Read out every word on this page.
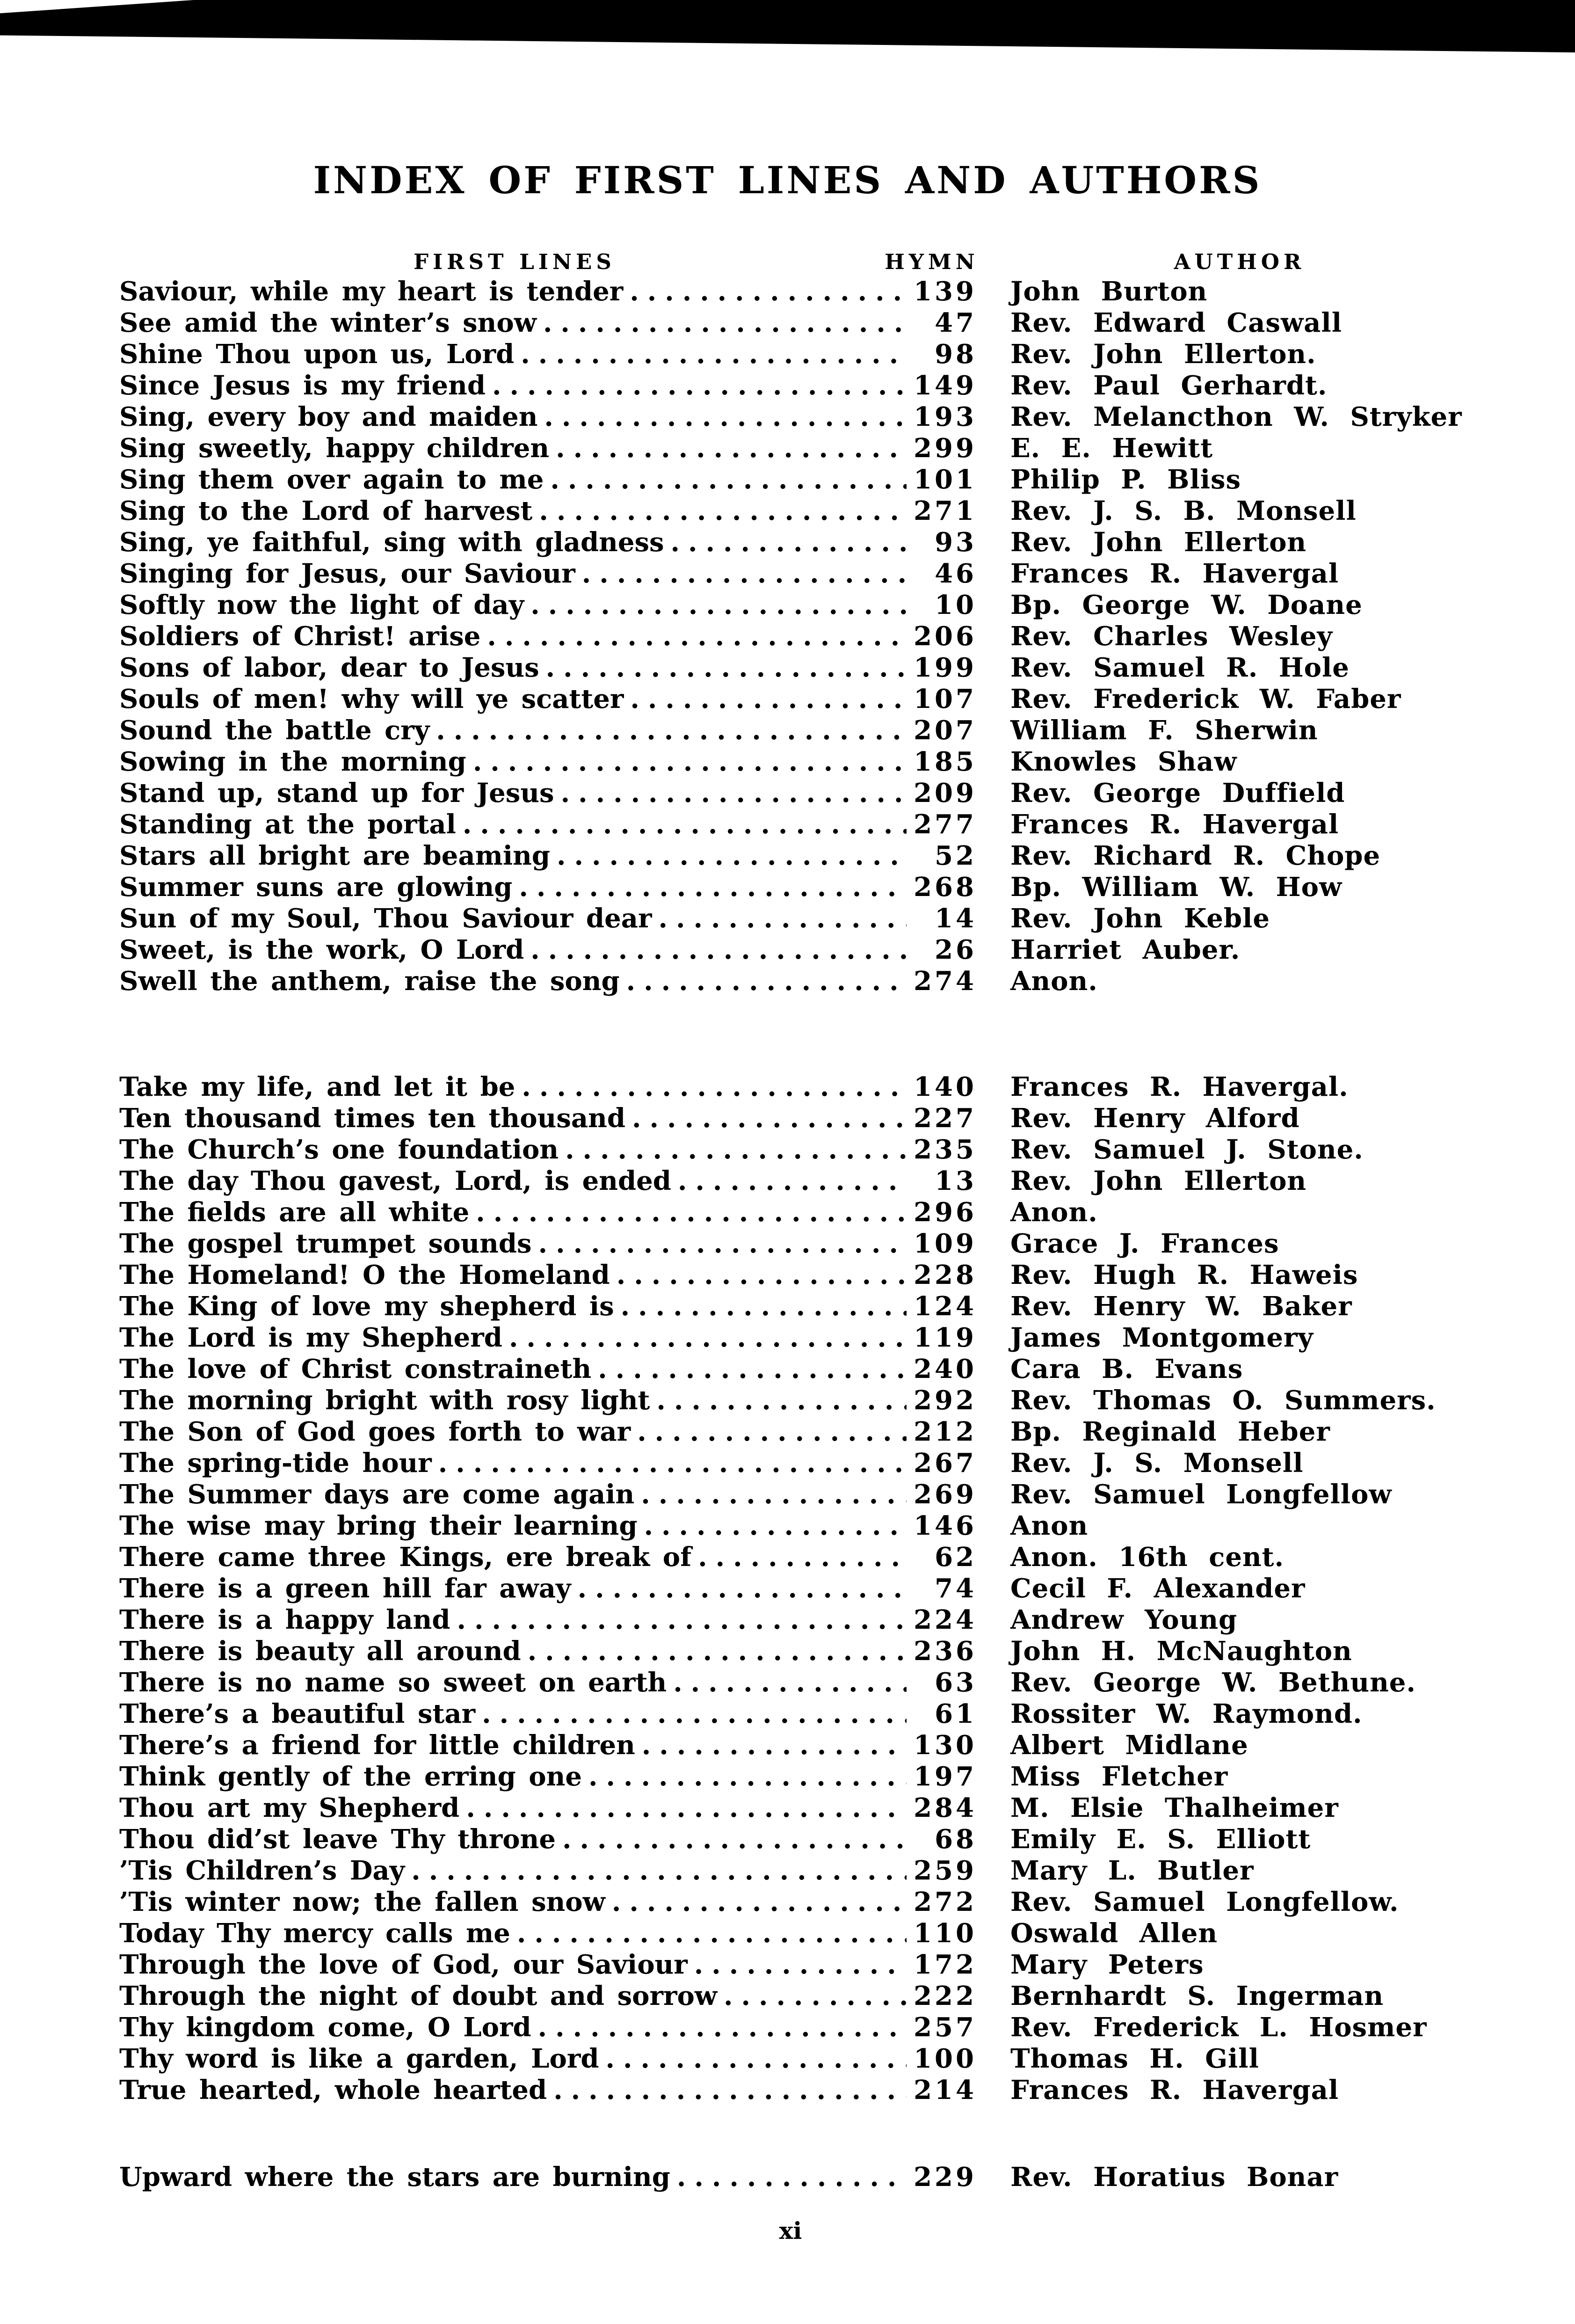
INDEX OF FIRST LINES AND AUTHORS
FIRST LINES	HYMN	AUTHOR
Saviour, while my heart is tender .....	139	John Burton
See amid the winter’s snow .....	47	Rev. Edward Caswall
Shine Thou upon us, Lord .....	98	Rev. John Ellerton.
Since Jesus is my friend .....	149	Rev. Paul Gerhardt.
Sing, every boy and maiden .....	193	Rev. Melancthon W. Stryker
Sing sweetly, happy children .....	299	E. E. Hewitt
Sing them over again to me .....	101	Philip P. Bliss
Sing to the Lord of harvest .....	271	Rev. J. S. B. Monsell
Sing, ye faithful, sing with gladness .....	93	Rev. John Ellerton
Singing for Jesus, our Saviour .....	46	Frances R. Havergal
Softly now the light of day .....	10	Bp. George W. Doane
Soldiers of Christ! arise .....	206	Rev. Charles Wesley
Sons of labor, dear to Jesus .....	199	Rev. Samuel R. Hole
Souls of men! why will ye scatter .....	107	Rev. Frederick W. Faber
Sound the battle cry .....	207	William F. Sherwin
Sowing in the morning .....	185	Knowles Shaw
Stand up, stand up for Jesus .....	209	Rev. George Duffield
Standing at the portal .....	277	Frances R. Havergal
Stars all bright are beaming .....	52	Rev. Richard R. Chope
Summer suns are glowing .....	268	Bp. William W. How
Sun of my Soul, Thou Saviour dear .....	14	Rev. John Keble
Sweet, is the work, O Lord .....	26	Harriet Auber.
Swell the anthem, raise the song .....	274	Anon.
Take my life, and let it be .....	140	Frances R. Havergal.
Ten thousand times ten thousand .....	227	Rev. Henry Alford
The Church’s one foundation .....	235	Rev. Samuel J. Stone.
The day Thou gavest, Lord, is ended .....	13	Rev. John Ellerton
The fields are all white .....	296	Anon.
The gospel trumpet sounds .....	109	Grace J. Frances
The Homeland! O the Homeland .....	228	Rev. Hugh R. Haweis
The King of love my shepherd is .....	124	Rev. Henry W. Baker
The Lord is my Shepherd .....	119	James Montgomery
The love of Christ constraineth .....	240	Cara B. Evans
The morning bright with rosy light .....	292	Rev. Thomas O. Summers.
The Son of God goes forth to war .....	212	Bp. Reginald Heber
The spring-tide hour .....	267	Rev. J. S. Monsell
The Summer days are come again .....	269	Rev. Samuel Longfellow
The wise may bring their learning .....	146	Anon
There came three Kings, ere break of .....	62	Anon. 16th cent.
There is a green hill far away .....	74	Cecil F. Alexander
There is a happy land .....	224	Andrew Young
There is beauty all around .....	236	John H. McNaughton
There is no name so sweet on earth .....	63	Rev. George W. Bethune.
There’s a beautiful star .....	61	Rossiter W. Raymond.
There’s a friend for little children .....	130	Albert Midlane
Think gently of the erring one .....	197	Miss Fletcher
Thou art my Shepherd .....	284	M. Elsie Thalheimer
Thou did’st leave Thy throne .....	68	Emily E. S. Elliott
’Tis Children’s Day .....	259	Mary L. Butler
’Tis winter now; the fallen snow .....	272	Rev. Samuel Longfellow.
Today Thy mercy calls me .....	110	Oswald Allen
Through the love of God, our Saviour .....	172	Mary Peters
Through the night of doubt and sorrow .....	222	Bernhardt S. Ingerman
Thy kingdom come, O Lord .....	257	Rev. Frederick L. Hosmer
Thy word is like a garden, Lord .....	100	Thomas H. Gill
True hearted, whole hearted .....	214	Frances R. Havergal
Upward where the stars are burning .....	229	Rev. Horatius Bonar
xi
